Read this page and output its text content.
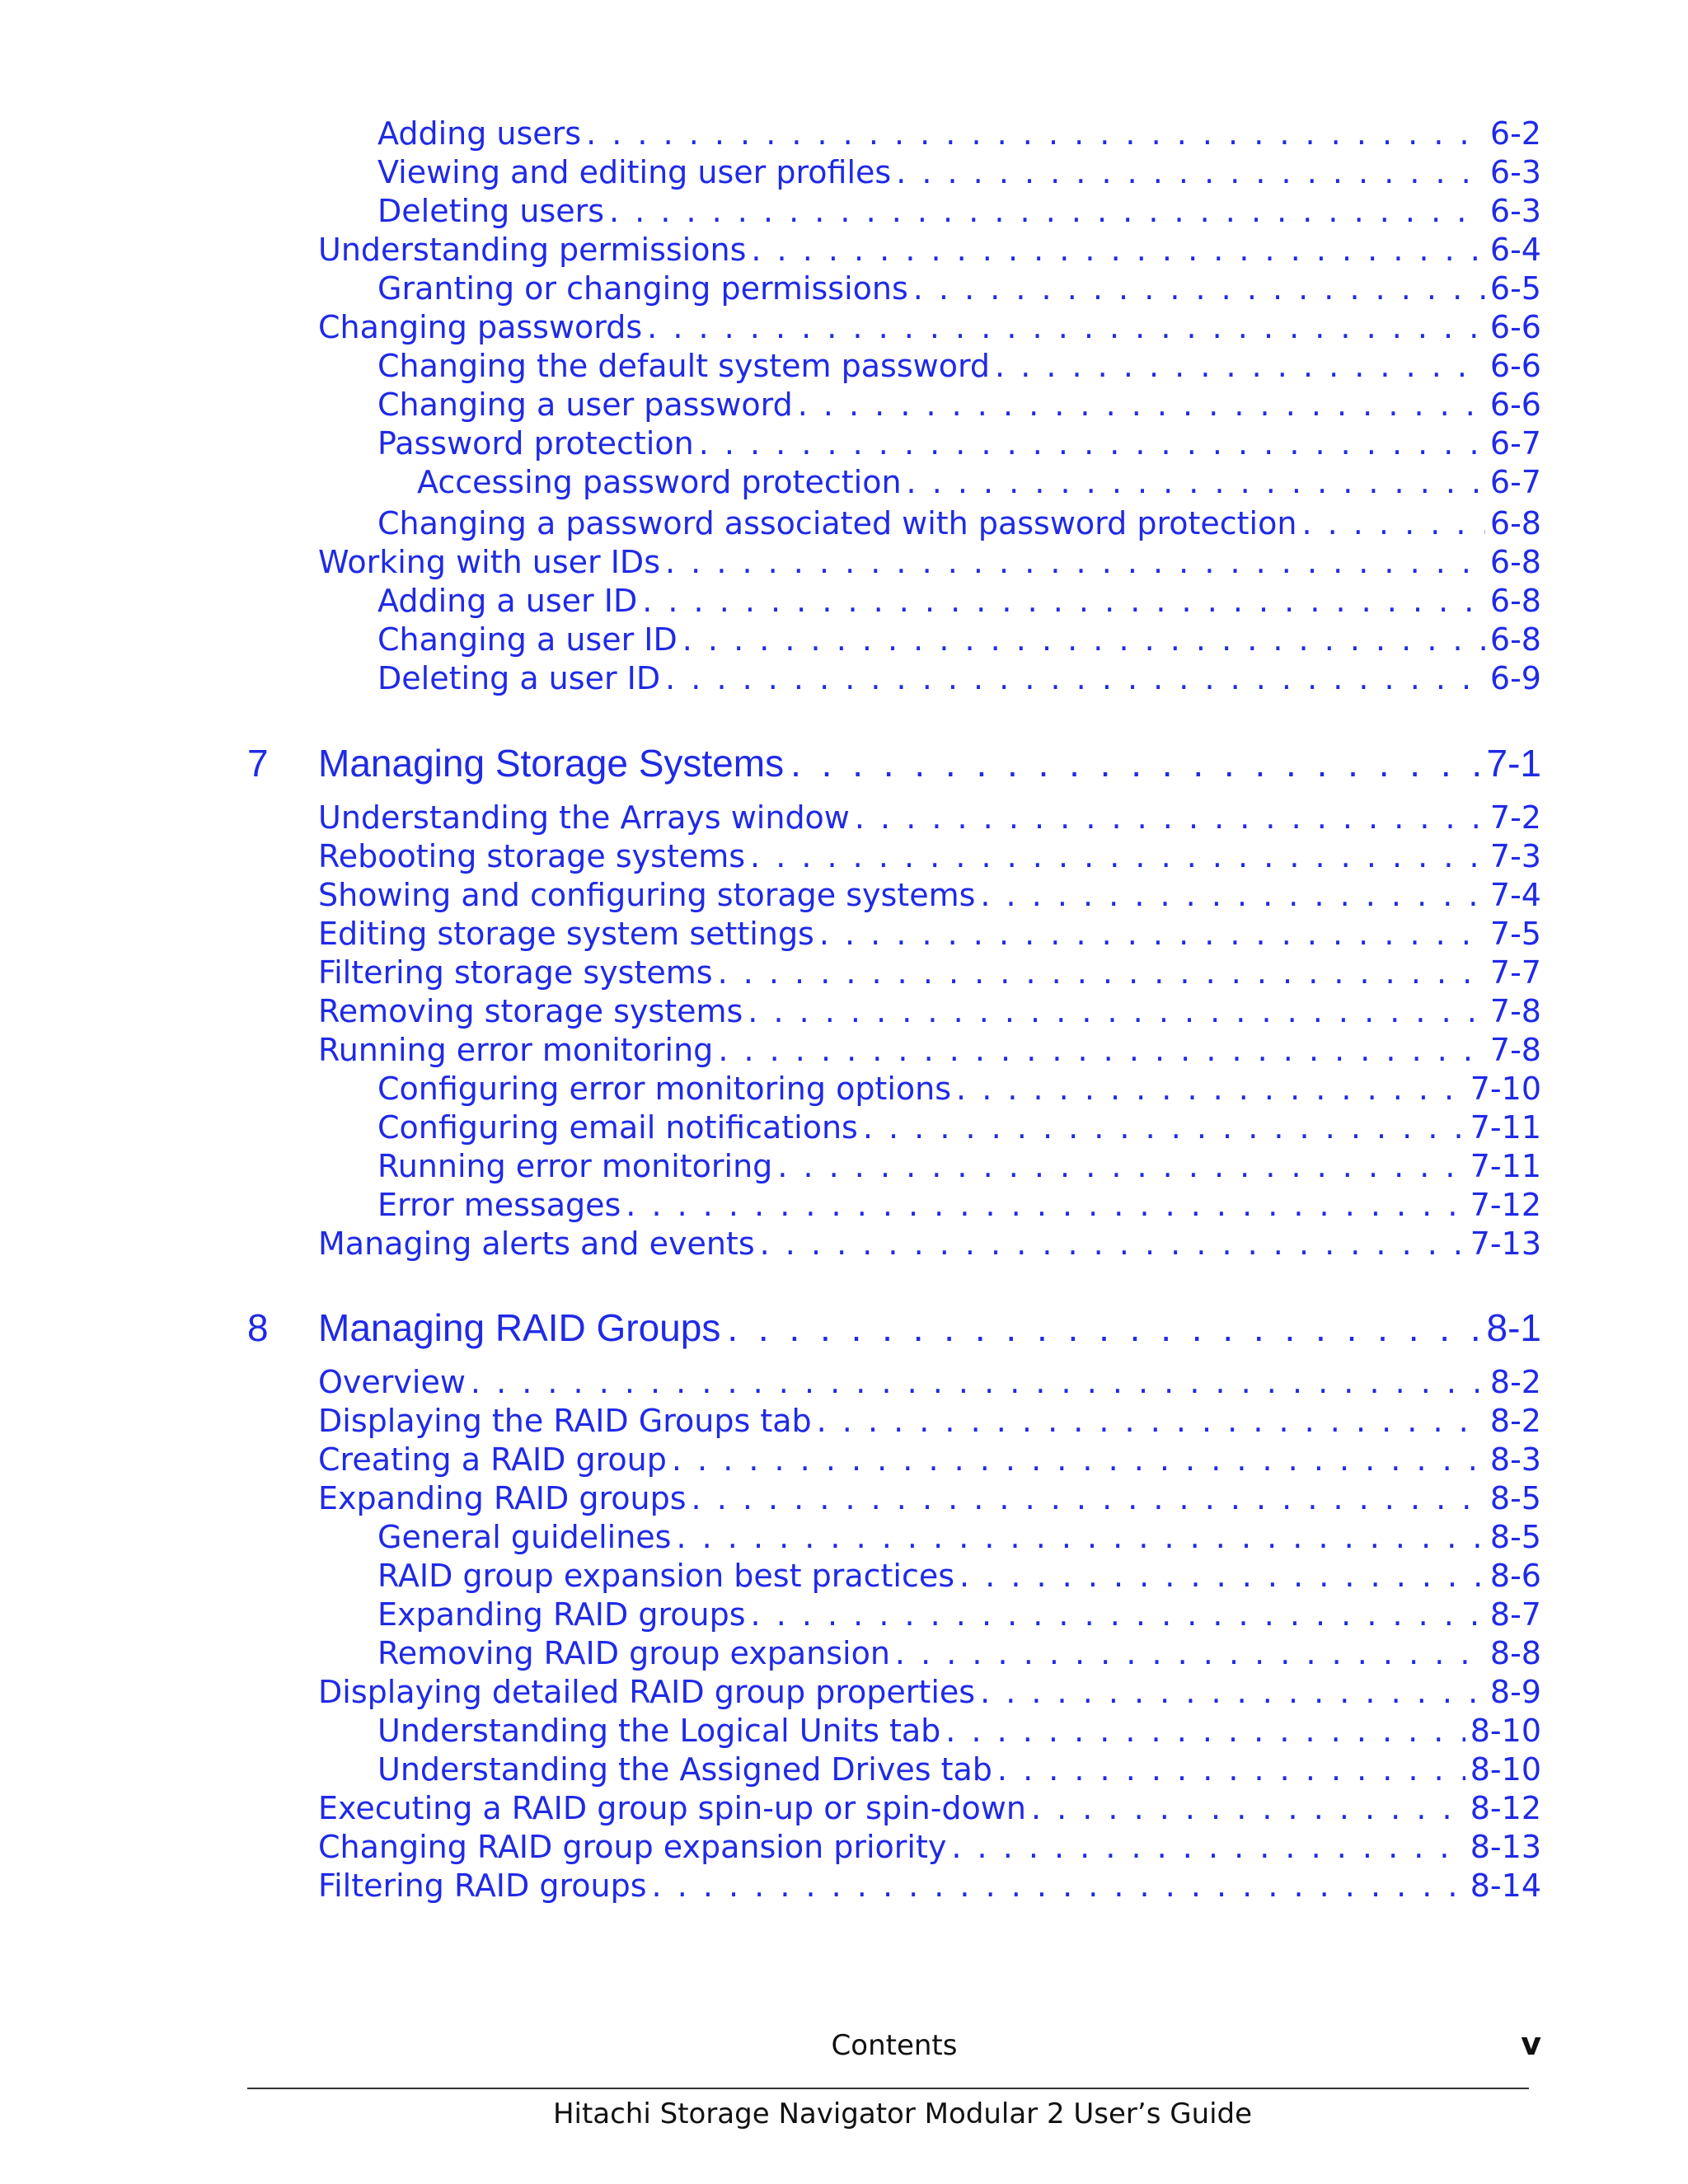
Adding users . . .	6-2
Viewing and editing user profiles . . .	6-3
Deleting users . . .	6-3
Understanding permissions . . .	6-4
Granting or changing permissions . . .	6-5
Changing passwords . . .	6-6
Changing the default system password . . .	6-6
Changing a user password . . .	6-6
Password protection . . .	6-7
Accessing password protection . . .	6-7
Changing a password associated with password protection . . .	6-8
Working with user IDs . . .	6-8
Adding a user ID . . .	6-8
Changing a user ID . . .	6-8
Deleting a user ID . . .	6-9
7 Managing Storage Systems . . .	7-1
Understanding the Arrays window . . .	7-2
Rebooting storage systems . . .	7-3
Showing and configuring storage systems . . .	7-4
Editing storage system settings . . .	7-5
Filtering storage systems . . .	7-7
Removing storage systems . . .	7-8
Running error monitoring . . .	7-8
Configuring error monitoring options . . .	7-10
Configuring email notifications . . .	7-11
Running error monitoring . . .	7-11
Error messages . . .	7-12
Managing alerts and events . . .	7-13
8 Managing RAID Groups . . .	8-1
Overview . . .	8-2
Displaying the RAID Groups tab . . .	8-2
Creating a RAID group . . .	8-3
Expanding RAID groups . . .	8-5
General guidelines . . .	8-5
RAID group expansion best practices . . .	8-6
Expanding RAID groups . . .	8-7
Removing RAID group expansion . . .	8-8
Displaying detailed RAID group properties . . .	8-9
Understanding the Logical Units tab . . .	8-10
Understanding the Assigned Drives tab . . .	8-10
Executing a RAID group spin-up or spin-down . . .	8-12
Changing RAID group expansion priority . . .	8-13
Filtering RAID groups . . .	8-14
Contents	v
Hitachi Storage Navigator Modular 2 User’s Guide
